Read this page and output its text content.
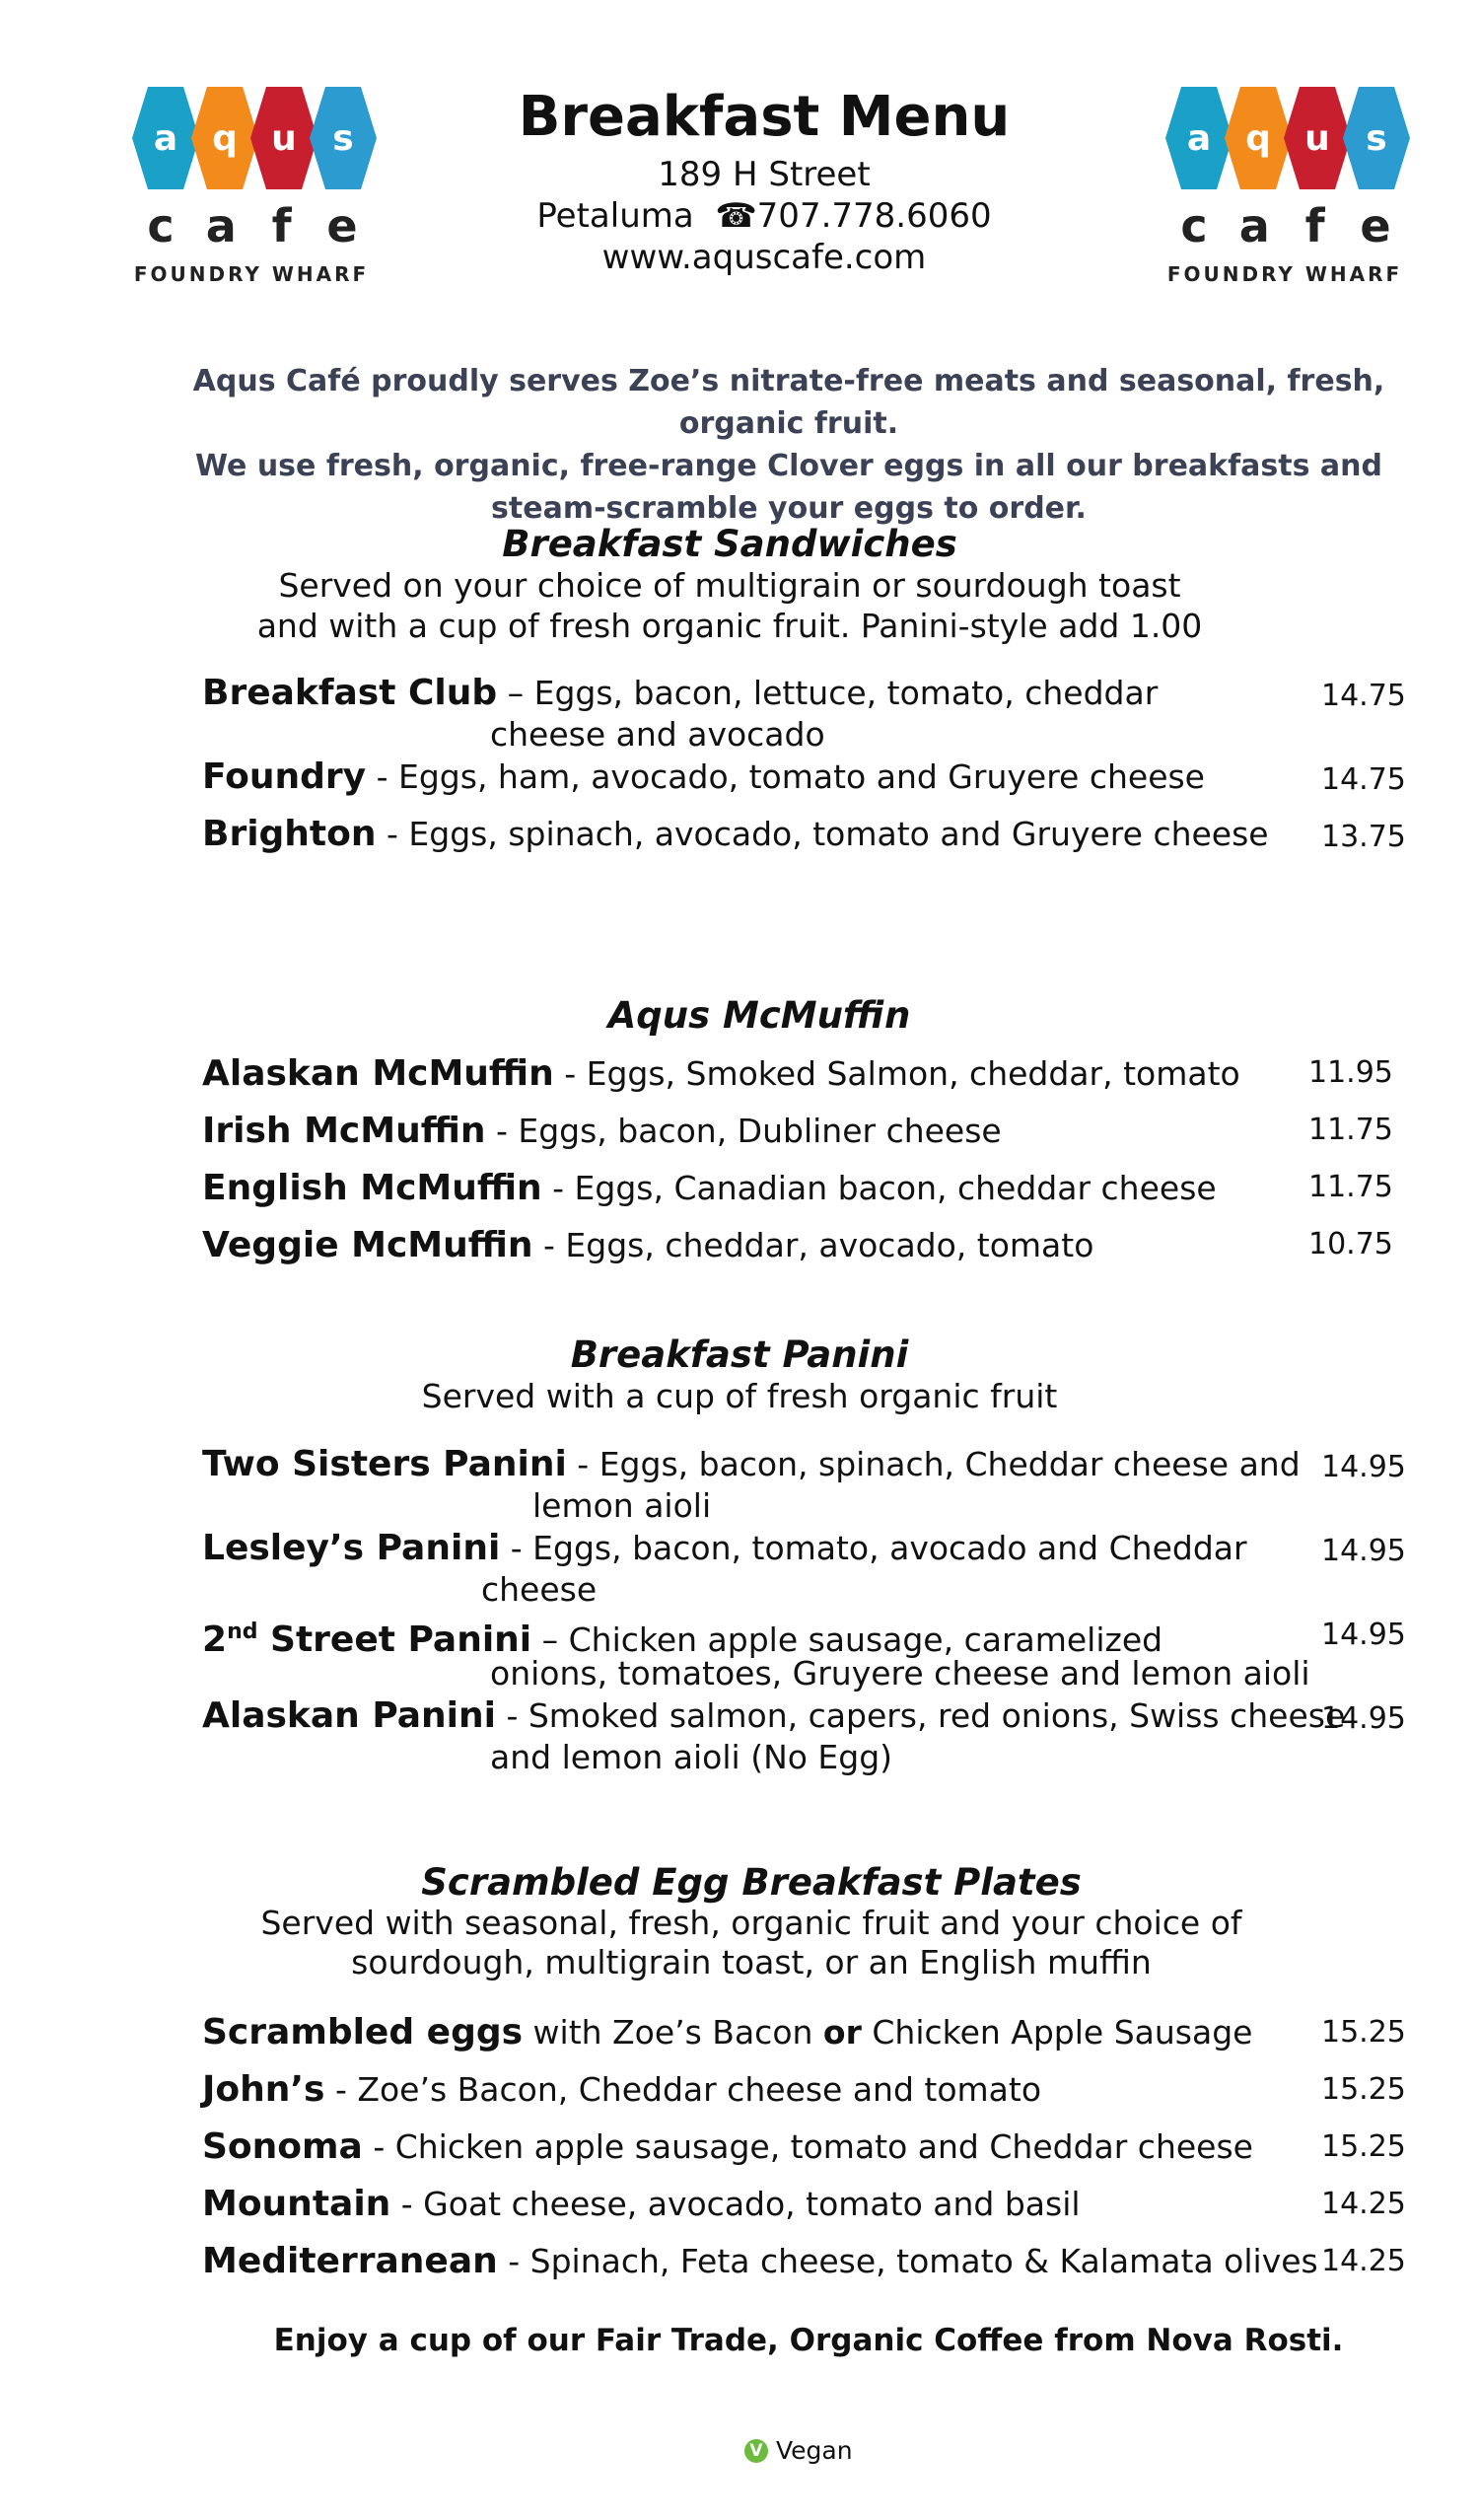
a q u s
c a f e
FOUNDRY WHARF
a q u s
c a f e
FOUNDRY WHARF
Breakfast Menu
189 H Street
Petaluma ☎707.778.6060
www.aquscafe.com
Aqus Café proudly serves Zoe’s nitrate-free meats and seasonal, fresh, organic fruit.
We use fresh, organic, free-range Clover eggs in all our breakfasts and
steam-scramble your eggs to order.
Breakfast Sandwiches
Served on your choice of multigrain or sourdough toast
and with a cup of fresh organic fruit. Panini-style add 1.00
Breakfast Club – Eggs, bacon, lettuce, tomato, cheddar
cheese and avocado
14.75
Foundry - Eggs, ham, avocado, tomato and Gruyere cheese	14.75
Brighton - Eggs, spinach, avocado, tomato and Gruyere cheese 13.75
Aqus McMuffin
Alaskan McMuffin - Eggs, Smoked Salmon, cheddar, tomato 11.95
Irish McMuffin - Eggs, bacon, Dubliner cheese	11.75
English McMuffin - Eggs, Canadian bacon, cheddar cheese	11.75
Veggie McMuffin - Eggs, cheddar, avocado, tomato	10.75
Breakfast Panini
Served with a cup of fresh organic fruit
Two Sisters Panini - Eggs, bacon, spinach, Cheddar cheese and
lemon aioli
14.95
Lesley’s Panini - Eggs, bacon, tomato, avocado and Cheddar
cheese
14.95
2nd Street Panini – Chicken apple sausage, caramelized
onions, tomatoes, Gruyere cheese and lemon aioli
14.95
Alaskan Panini - Smoked salmon, capers, red onions, Swiss cheese
and lemon aioli (No Egg)
14.95
Scrambled Egg Breakfast Plates
Served with seasonal, fresh, organic fruit and your choice of
sourdough, multigrain toast, or an English muffin
Scrambled eggs with Zoe’s Bacon or Chicken Apple Sausage 15.25
John’s - Zoe’s Bacon, Cheddar cheese and tomato	15.25
Sonoma - Chicken apple sausage, tomato and Cheddar cheese 15.25
Mountain - Goat cheese, avocado, tomato and basil	14.25
Mediterranean - Spinach, Feta cheese, tomato & Kalamata olives 14.25
Enjoy a cup of our Fair Trade, Organic Coffee from Nova Rosti.
V Vegan
